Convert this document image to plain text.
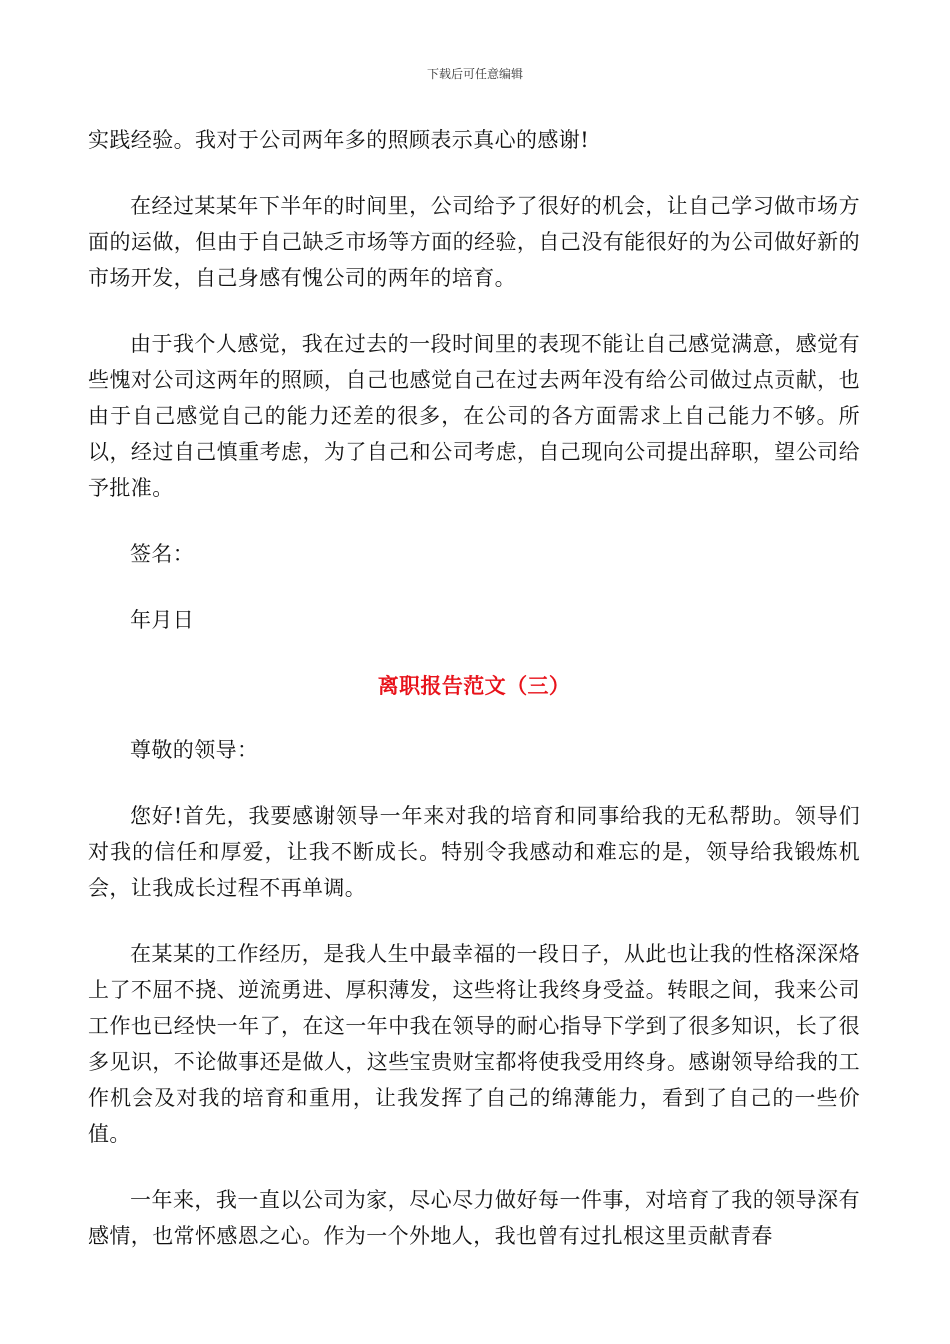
下载后可任意编辑

实践经验。我对于公司两年多的照顾表示真心的感谢!

在经过某某年下半年的时间里，公司给予了很好的机会，让自己学习做市场方面的运做，但由于自己缺乏市场等方面的经验，自己没有能很好的为公司做好新的市场开发，自己身感有愧公司的两年的培育。

由于我个人感觉，我在过去的一段时间里的表现不能让自己感觉满意，感觉有些愧对公司这两年的照顾，自己也感觉自己在过去两年没有给公司做过点贡献，也由于自己感觉自己的能力还差的很多，在公司的各方面需求上自己能力不够。所以，经过自己慎重考虑，为了自己和公司考虑，自己现向公司提出辞职，望公司给予批准。

签名：

年月日

离职报告范文（三）

尊敬的领导：

您好!首先，我要感谢领导一年来对我的培育和同事给我的无私帮助。领导们对我的信任和厚爱，让我不断成长。特别令我感动和难忘的是，领导给我锻炼机会，让我成长过程不再单调。

在某某的工作经历，是我人生中最幸福的一段日子，从此也让我的性格深深烙上了不屈不挠、逆流勇进、厚积薄发，这些将让我终身受益。转眼之间，我来公司工作也已经快一年了，在这一年中我在领导的耐心指导下学到了很多知识，长了很多见识，不论做事还是做人，这些宝贵财宝都将使我受用终身。感谢领导给我的工作机会及对我的培育和重用，让我发挥了自己的绵薄能力，看到了自己的一些价值。

一年来，我一直以公司为家，尽心尽力做好每一件事，对培育了我的领导深有感情，也常怀感恩之心。作为一个外地人，我也曾有过扎根这里贡献青春
